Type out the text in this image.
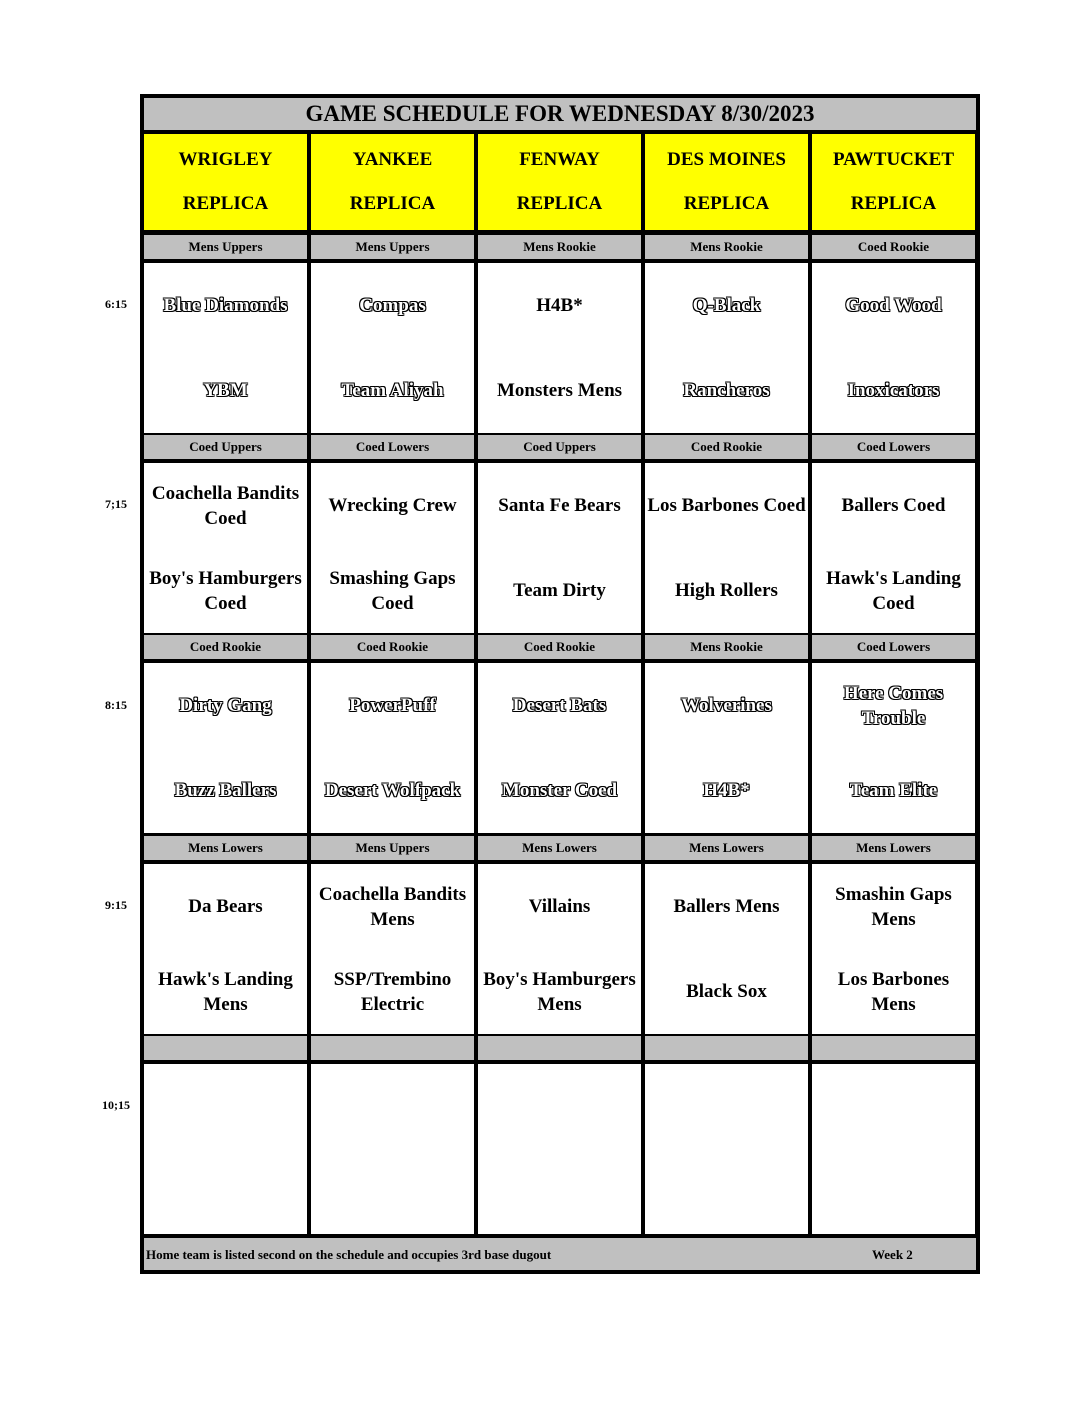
GAME SCHEDULE FOR WEDNESDAY 8/30/2023
Home team is listed second on the schedule and occupies 3rd base dugout	Week 2
WRIGLEY
REPLICA
YANKEE
REPLICA
FENWAY
REPLICA
DES MOINES
REPLICA
PAWTUCKET
REPLICA
Mens Uppers
Blue Diamonds
YBM
Mens Uppers
Compas
Team Aliyah
Mens Rookie
H4B*
Monsters Mens
Mens Rookie
Q-Black
Rancheros
Coed Rookie
Good Wood
Inoxicators
Coed Uppers
Coachella Bandits Coed
Boy's Hamburgers Coed
Coed Lowers
Wrecking Crew
Smashing Gaps Coed
Coed Uppers
Santa Fe Bears
Team Dirty
Coed Rookie
Los Barbones Coed
High Rollers
Coed Lowers
Ballers Coed
Hawk's Landing Coed
Coed Rookie
Dirty Gang
Buzz Ballers
Coed Rookie
PowerPuff
Desert Wolfpack
Coed Rookie
Desert Bats
Monster Coed
Mens Rookie
Wolverines
H4B*
Coed Lowers
Here Comes Trouble
Team Elite
Mens Lowers
Da Bears
Hawk's Landing Mens
Mens Uppers
Coachella Bandits Mens
SSP/Trembino Electric
Mens Lowers
Villains
Boy's Hamburgers Mens
Mens Lowers
Ballers Mens
Black Sox
Mens Lowers
Smashin Gaps Mens
Los Barbones Mens
6:15
7;15
8:15
9:15
10;15
